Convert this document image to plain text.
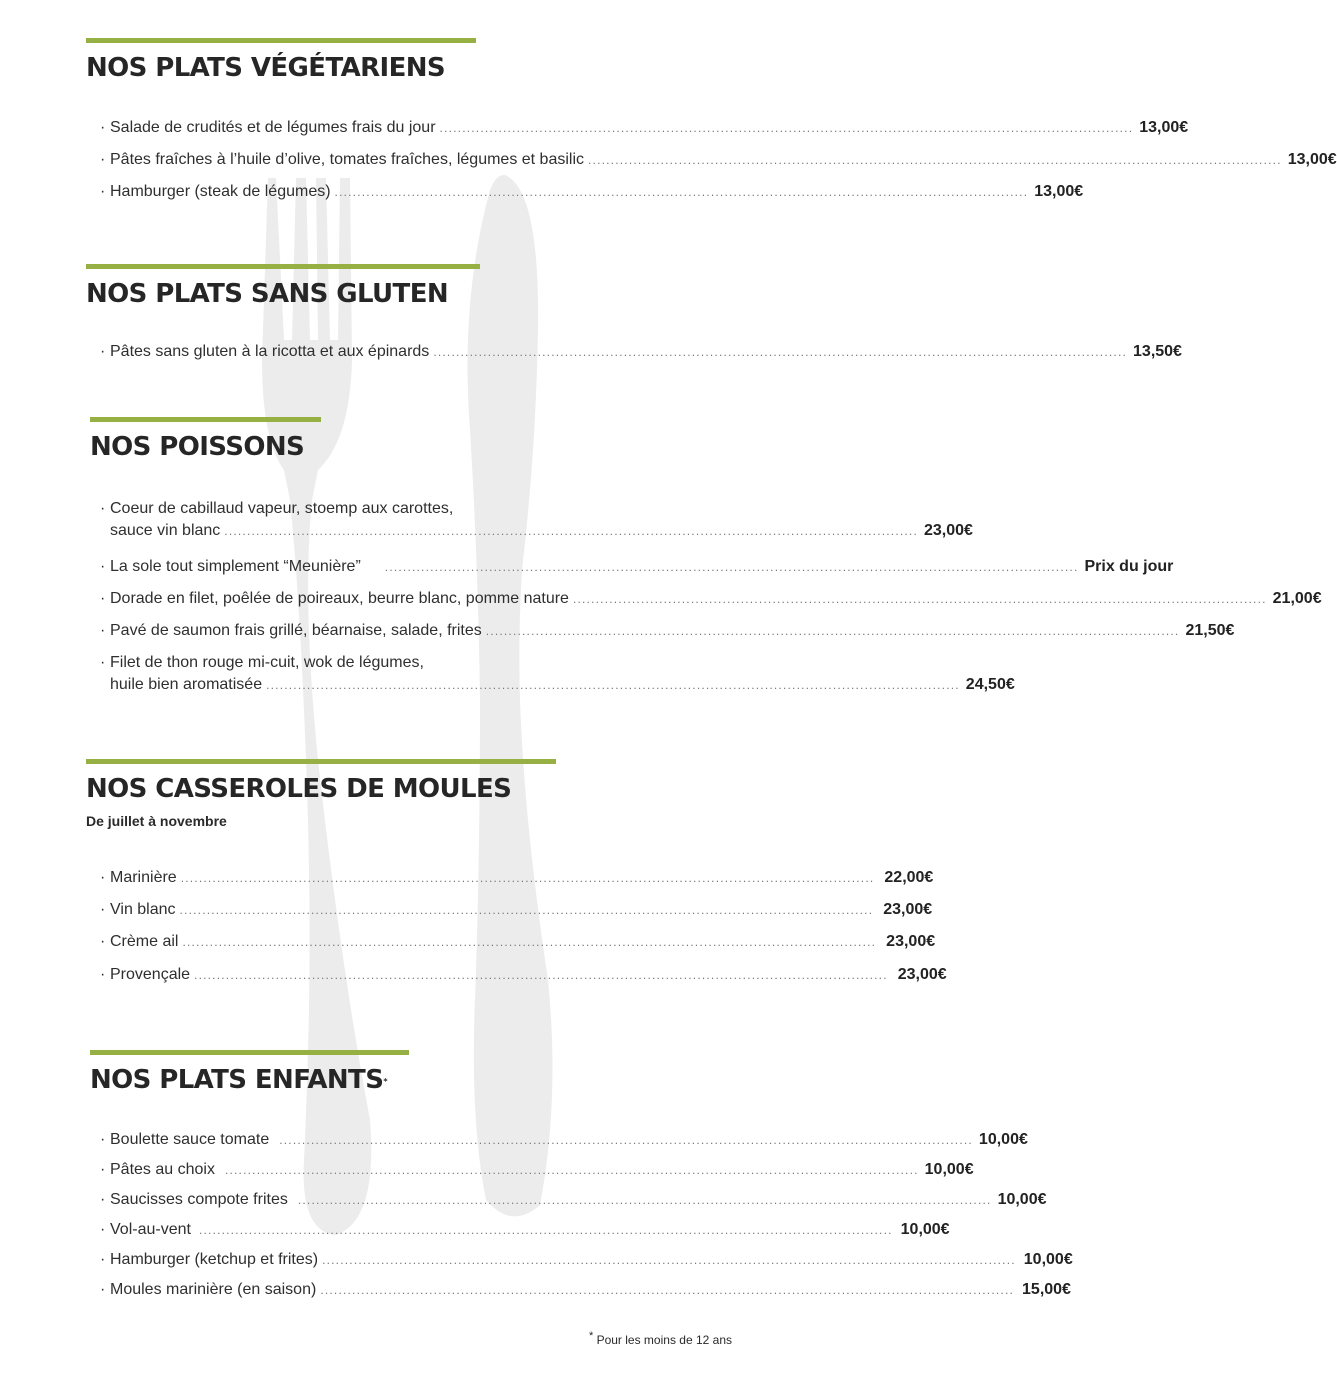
NOS PLATS VÉGÉTARIENS
· Salade de crudités et de légumes frais du jour ......................................................................................................................................................... 13,00€
· Pâtes fraîches à l’huile d’olive, tomates fraîches, légumes et basilic ......................................................................................................................................................... 13,00€
· Hamburger (steak de légumes) ......................................................................................................................................................... 13,00€
NOS PLATS SANS GLUTEN
· Pâtes sans gluten à la ricotta et aux épinards ......................................................................................................................................................... 13,50€
NOS POISSONS
· Coeur de cabillaud vapeur, stoemp aux carottes,
sauce vin blanc ......................................................................................................................................................... 23,00€
· La sole tout simplement “Meunière” ......................................................................................................................................................... Prix du jour
· Dorade en filet, poêlée de poireaux, beurre blanc, pomme nature ......................................................................................................................................................... 21,00€
· Pavé de saumon frais grillé, béarnaise, salade, frites ......................................................................................................................................................... 21,50€
· Filet de thon rouge mi-cuit, wok de légumes,
huile bien aromatisée ......................................................................................................................................................... 24,50€
NOS CASSEROLES DE MOULES
De juillet à novembre
· Marinière ......................................................................................................................................................... 22,00€
· Vin blanc ......................................................................................................................................................... 23,00€
· Crème ail ......................................................................................................................................................... 23,00€
· Provençale ......................................................................................................................................................... 23,00€
NOS PLATS ENFANTS*
· Boulette sauce tomate ......................................................................................................................................................... 10,00€
· Pâtes au choix ......................................................................................................................................................... 10,00€
· Saucisses compote frites ......................................................................................................................................................... 10,00€
· Vol-au-vent ......................................................................................................................................................... 10,00€
· Hamburger (ketchup et frites) ......................................................................................................................................................... 10,00€
· Moules marinière (en saison) ......................................................................................................................................................... 15,00€
* Pour les moins de 12 ans
